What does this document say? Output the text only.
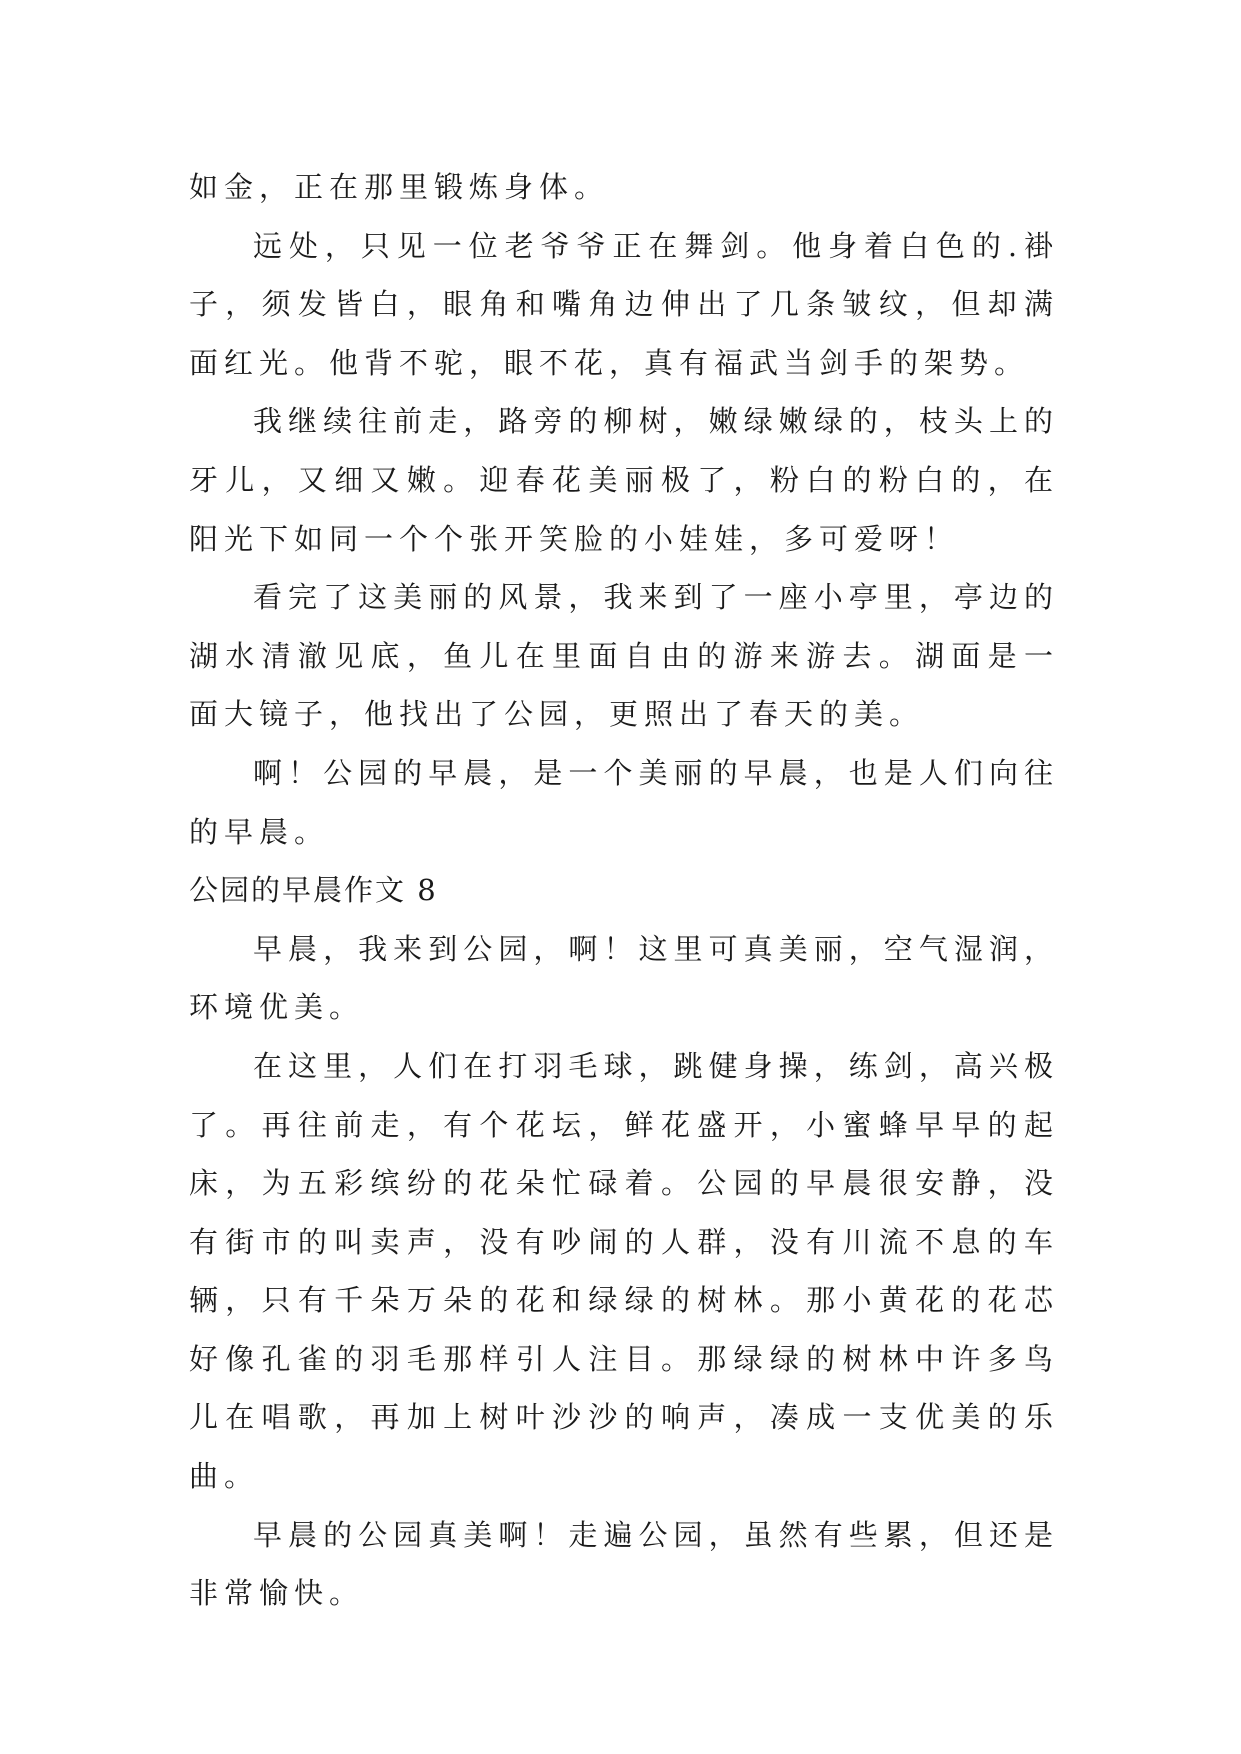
如金，正在那里锻炼身体。

远处，只见一位老爷爷正在舞剑。他身着白色的.褂子，须发皆白，眼角和嘴角边伸出了几条皱纹，但却满面红光。他背不驼，眼不花，真有福武当剑手的架势。

我继续往前走，路旁的柳树，嫩绿嫩绿的，枝头上的牙儿，又细又嫩。迎春花美丽极了，粉白的粉白的，在阳光下如同一个个张开笑脸的小娃娃，多可爱呀！

看完了这美丽的风景，我来到了一座小亭里，亭边的湖水清澈见底，鱼儿在里面自由的游来游去。湖面是一面大镜子，他找出了公园，更照出了春天的美。

啊！公园的早晨，是一个美丽的早晨，也是人们向往的早晨。

公园的早晨作文 8

早晨，我来到公园，啊！这里可真美丽，空气湿润，环境优美。

在这里，人们在打羽毛球，跳健身操，练剑，高兴极了。再往前走，有个花坛，鲜花盛开，小蜜蜂早早的起床，为五彩缤纷的花朵忙碌着。公园的早晨很安静，没有街市的叫卖声，没有吵闹的人群，没有川流不息的车辆，只有千朵万朵的花和绿绿的树林。那小黄花的花芯好像孔雀的羽毛那样引人注目。那绿绿的树林中许多鸟儿在唱歌，再加上树叶沙沙的响声，凑成一支优美的乐曲。

早晨的公园真美啊！走遍公园，虽然有些累，但还是非常愉快。
